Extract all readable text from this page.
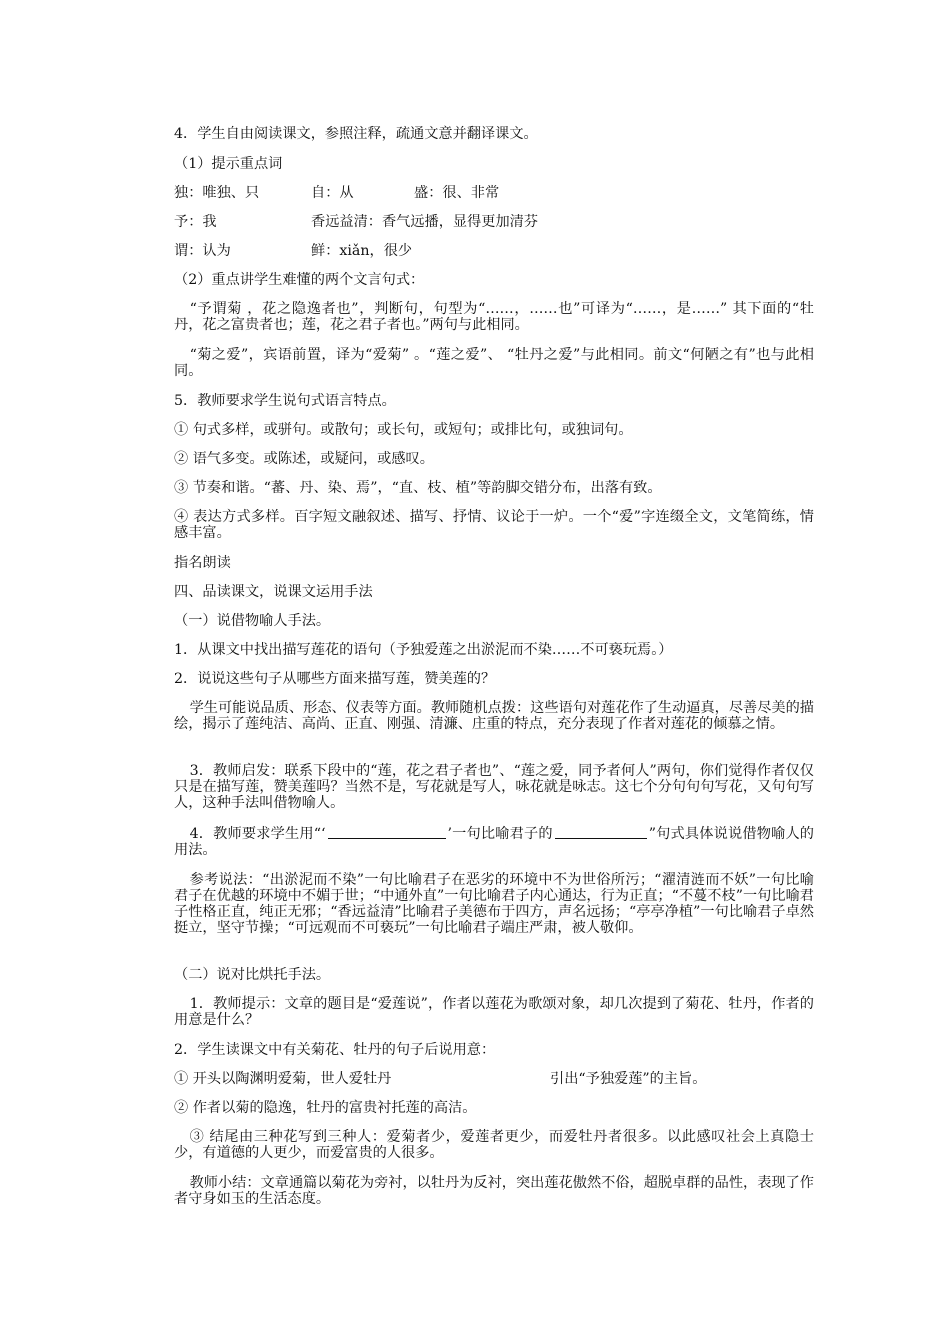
4．学生自由阅读课文，参照注释，疏通文意并翻译课文。

（1）提示重点词

独：唯独、只	自：从	盛：很、非常
予：我	香远益清：香气远播，显得更加清芬
谓：认为	鲜：xiǎn，很少

（2）重点讲学生难懂的两个文言句式：

“予谓菊 ，花之隐逸者也”，判断句，句型为“……，……也”可译为“……，是……” 其下面的“牡丹，花之富贵者也；莲，花之君子者也。”两句与此相同。

“菊之爱”，宾语前置，译为“爱菊” 。“莲之爱”、 “牡丹之爱”与此相同。前文“何陋之有”也与此相同。

5．教师要求学生说句式语言特点。

① 句式多样，或骈句。或散句；或长句，或短句；或排比句，或独词句。

② 语气多变。或陈述，或疑问，或感叹。

③ 节奏和谐。“蕃、丹、染、焉”，“直、枝、植”等韵脚交错分布，出落有致。

④ 表达方式多样。百字短文融叙述、描写、抒情、议论于一炉。一个“爱”字连缀全文，文笔简练，情感丰富。

指名朗读

四、品读课文，说课文运用手法

（一）说借物喻人手法。

1．从课文中找出描写莲花的语句（予独爱莲之出淤泥而不染……不可亵玩焉。）

2．说说这些句子从哪些方面来描写莲，赞美莲的？

学生可能说品质、形态、仪表等方面。教师随机点拨：这些语句对莲花作了生动逼真，尽善尽美的描绘，揭示了莲纯洁、高尚、正直、刚强、清濂、庄重的特点，充分表现了作者对莲花的倾慕之情。

3．教师启发：联系下段中的“莲，花之君子者也”、“莲之爱，同予者何人”两句，你们觉得作者仅仅只是在描写莲，赞美莲吗？当然不是，写花就是写人，咏花就是咏志。这七个分句句句写花，又句句写人，这种手法叫借物喻人。

4．教师要求学生用“‘	’一句比喻君子的	”句式具体说说借物喻人的用法。

参考说法：“出淤泥而不染”一句比喻君子在恶劣的环境中不为世俗所污；“濯清涟而不妖”一句比喻君子在优越的环境中不媚于世；“中通外直”一句比喻君子内心通达，行为正直；“不蔓不枝”一句比喻君子性格正直，纯正无邪；“香远益清”比喻君子美德布于四方，声名远扬；“亭亭净植”一句比喻君子卓然挺立，坚守节操；“可远观而不可亵玩”一句比喻君子端庄严肃，被人敬仰。

（二）说对比烘托手法。

1．教师提示：文章的题目是“爱莲说”，作者以莲花为歌颂对象，却几次提到了菊花、牡丹，作者的用意是什么？

2．学生读课文中有关菊花、牡丹的句子后说用意：

① 开头以陶渊明爱菊，世人爱牡丹	引出“予独爱莲”的主旨。

② 作者以菊的隐逸，牡丹的富贵衬托莲的高洁。

③ 结尾由三种花写到三种人：爱菊者少，爱莲者更少，而爱牡丹者很多。以此感叹社会上真隐士少，有道德的人更少，而爱富贵的人很多。

教师小结：文章通篇以菊花为旁衬，以牡丹为反衬，突出莲花傲然不俗，超脱卓群的品性，表现了作者守身如玉的生活态度。
